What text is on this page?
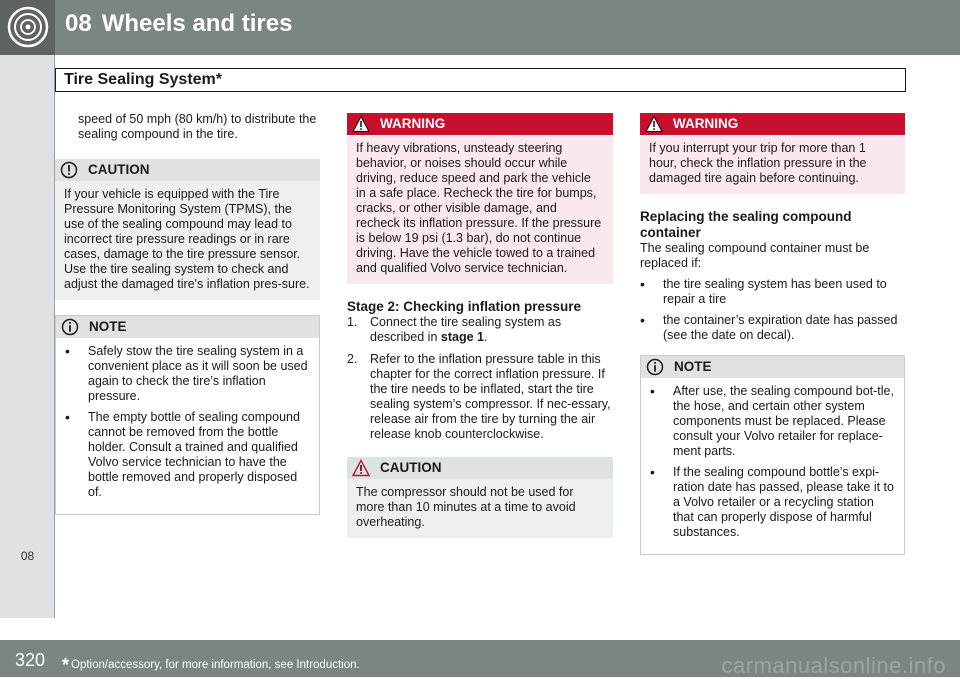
08 Wheels and tires
Tire Sealing System*
08

speed of 50 mph (80 km/h) to distribute the sealing compound in the tire.

CAUTION

If your vehicle is equipped with the Tire Pressure Monitoring System (TPMS), the use of the sealing compound may lead to incorrect tire pressure readings or in rare cases, damage to the tire pressure sensor. Use the tire sealing system to check and adjust the damaged tire's inflation pres-sure.

NOTE
• Safely stow the tire sealing system in a convenient place as it will soon be used again to check the tire’s inflation pressure.
• The empty bottle of sealing compound cannot be removed from the bottle holder. Consult a trained and qualified Volvo service technician to have the bottle removed and properly disposed of.
WARNING

If heavy vibrations, unsteady steering behavior, or noises should occur while driving, reduce speed and park the vehicle in a safe place. Recheck the tire for bumps, cracks, or other visible damage, and recheck its inflation pressure. If the pressure is below 19 psi (1.3 bar), do not continue driving. Have the vehicle towed to a trained and qualified Volvo service technician.

Stage 2: Checking inflation pressure
1. Connect the tire sealing system as described in stage 1.
2. Refer to the inflation pressure table in this chapter for the correct inflation pressure. If the tire needs to be inflated, start the tire sealing system’s compressor. If nec-essary, release air from the tire by turning the air release knob counterclockwise.
CAUTION

The compressor should not be used for more than 10 minutes at a time to avoid overheating.

WARNING

If you interrupt your trip for more than 1 hour, check the inflation pressure in the damaged tire again before continuing.

Replacing the sealing compound container

The sealing compound container must be replaced if:

• the tire sealing system has been used to repair a tire
• the container’s expiration date has passed (see the date on decal).
NOTE
• After use, the sealing compound bot-tle, the hose, and certain other system components must be replaced. Please consult your Volvo retailer for replace-ment parts.
• If the sealing compound bottle’s expi-ration date has passed, please take it to a Volvo retailer or a recycling station that can properly dispose of harmful substances.
320 * Option/accessory, for more information, see Introduction.	carmanualsonline.info
